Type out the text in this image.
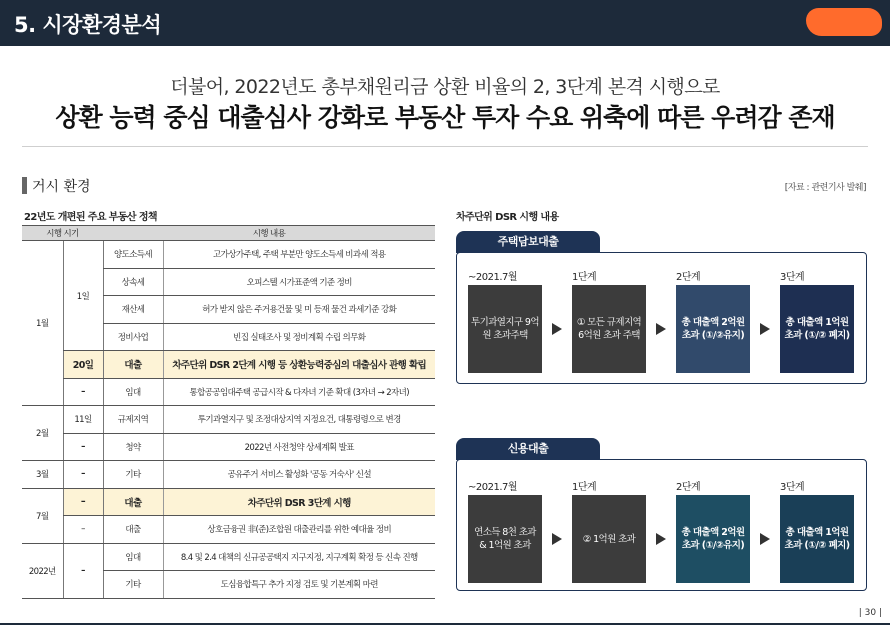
5. 시장환경분석
더불어, 2022년도 총부채원리금 상환 비율의 2, 3단계 본격 시행으로
상환 능력 중심 대출심사 강화로 부동산 투자 수요 위축에 따른 우려감 존재
거시 환경	[자료 : 관련기사 발췌]
22년도 개편된 주요 부동산 정책
시행 시기		시행 내용	
1월	1일	양도소득세	고가상가주택, 주택 부분만 양도소득세 비과세 적용
		상속세	오피스텔 시가표준액 기준 정비
		재산세	허가 받지 않은 주거용건물 및 미 등재 물건 과세기준 강화
		정비사업	빈집 실태조사 및 정비계획 수립 의무화
	20일	대출	차주단위 DSR 2단계 시행 등 상환능력중심의 대출심사 관행 확립
	–	임대	통합공공임대주택 공급시작 & 다자녀 기준 확대 (3자녀 → 2자녀)
2월	11일	규제지역	투기과열지구 및 조정대상지역 지정요건, 대통령령으로 변경
	–	청약	2022년 사전청약 상세계획 발표
3월	–	기타	공유주거 서비스 활성화 '공동 거숙사' 신설
7월	–	대출	차주단위 DSR 3단계 시행
	–	대출	상호금융권 非(준)조합원 대출관리를 위한 예대율 정비
2022년	–	임대	8.4 및 2.4 대책의 신규공공택지 지구지정, 지구계획 확정 등 신속 진행
		기타	도심융합특구 추가 지정 검토 및 기본계획 마련
차주단위 DSR 시행 내용
주택담보대출
~2021.7월	1단계	2단계	3단계
투기과열지구 9억원 초과주택
① 모든 규제지역 6억원 초과 주택
총 대출액 2억원 초과 (①/②유지)
총 대출액 1억원 초과 (①/② 폐지)
신용대출
~2021.7월	1단계	2단계	3단계
연소득 8천 초과 & 1억원 초과
② 1억원 초과
총 대출액 2억원 초과 (①/②유지)
총 대출액 1억원 초과 (①/② 폐지)
| 30 |
